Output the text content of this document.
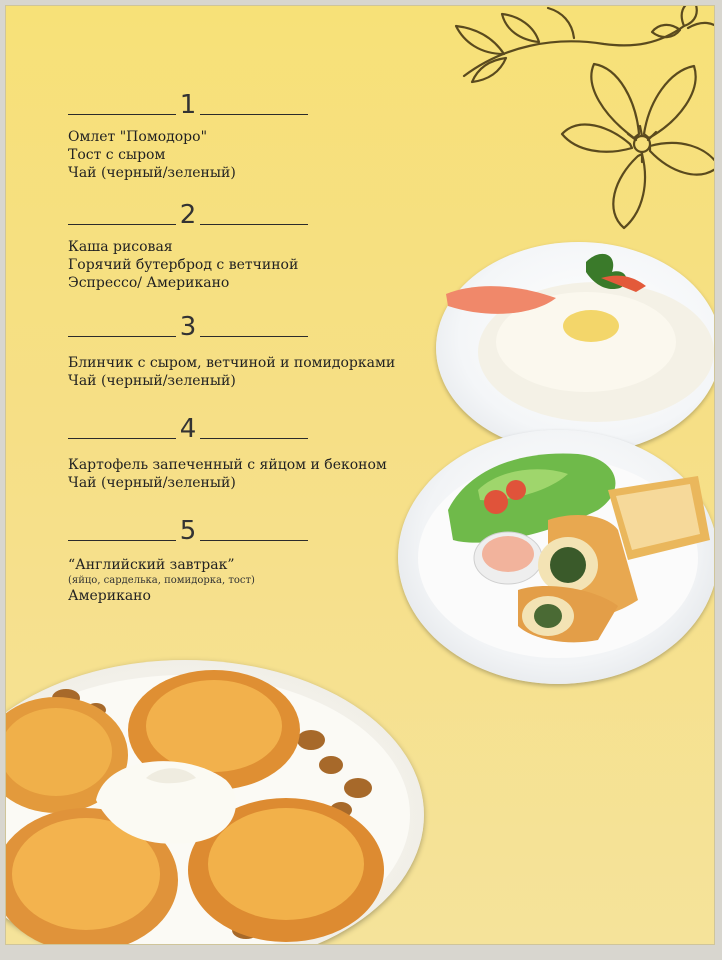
1
Омлет "Помодоро"
Тост с сыром
Чай (черный/зеленый)
2
Каша рисовая
Горячий бутерброд с ветчиной
Эспрессо/ Американо
3
Блинчик с сыром, ветчиной и помидорками
Чай (черный/зеленый)
4
Картофель запеченный с яйцом и беконом
Чай (черный/зеленый)
5
“Английский завтрак”
(яйцо, сарделька, помидорка, тост)
Американо
